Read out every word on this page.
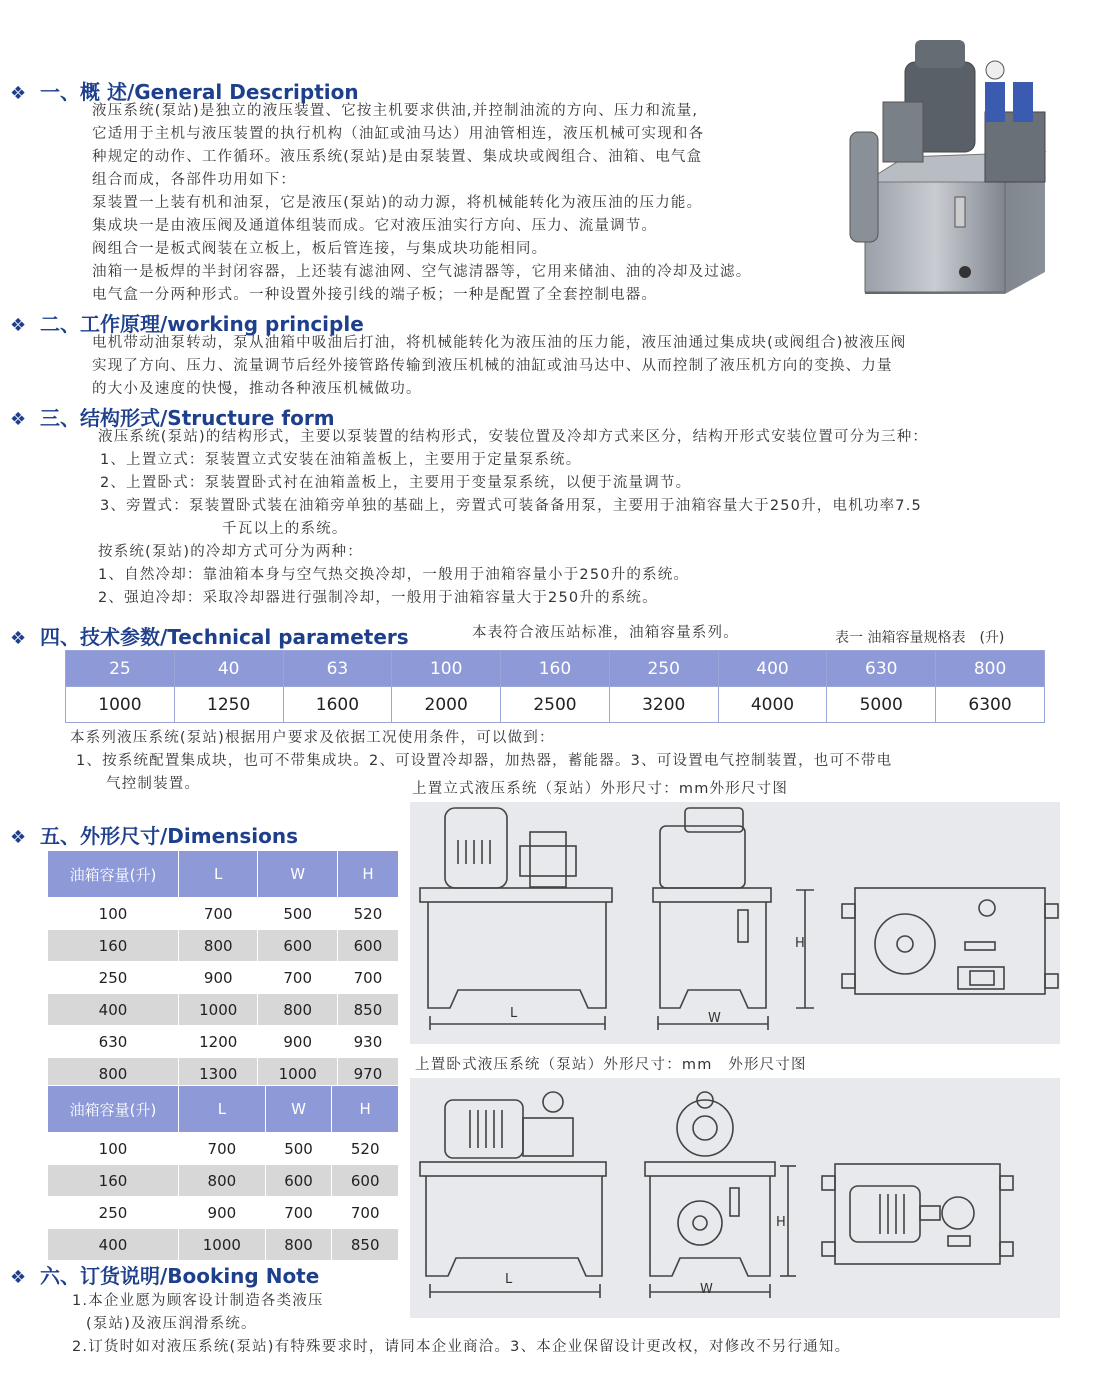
❖ 一、概 述/General Description
液压系统(泵站)是独立的液压装置、它按主机要求供油,并控制油流的方向、压力和流量,
它适用于主机与液压装置的执行机构（油缸或油马达）用油管相连，液压机械可实现和各
种规定的动作、工作循环。液压系统(泵站)是由泵装置、集成块或阀组合、油箱、电气盒
组合而成，各部件功用如下：
泵装置一上装有机和油泵，它是液压(泵站)的动力源，将机械能转化为液压油的压力能。
集成块一是由液压阀及通道体组装而成。它对液压油实行方向、压力、流量调节。
阀组合一是板式阀装在立板上，板后管连接，与集成块功能相同。
油箱一是板焊的半封闭容器，上还装有滤油网、空气滤清器等，它用来储油、油的冷却及过滤。
电气盒一分两种形式。一种设置外接引线的端子板；一种是配置了全套控制电器。
❖ 二、工作原理/working principle
电机带动油泵转动，泵从油箱中吸油后打油，将机械能转化为液压油的压力能，液压油通过集成块(或阀组合)被液压阀
实现了方向、压力、流量调节后经外接管路传输到液压机械的油缸或油马达中、从而控制了液压机方向的变换、力量
的大小及速度的快慢，推动各种液压机械做功。
❖ 三、结构形式/Structure form
液压系统(泵站)的结构形式，主要以泵装置的结构形式，安装位置及冷却方式来区分，结构开形式安装位置可分为三种：
1、上置立式：泵装置立式安装在油箱盖板上，主要用于定量泵系统。
2、上置卧式：泵装置卧式衬在油箱盖板上，主要用于变量泵系统，以便于流量调节。
3、旁置式：泵装置卧式装在油箱旁单独的基础上，旁置式可装备备用泵，主要用于油箱容量大于250升，电机功率7.5
千瓦以上的系统。
按系统(泵站)的冷却方式可分为两种：
1、自然冷却：靠油箱本身与空气热交换冷却，一般用于油箱容量小于250升的系统。
2、强迫冷却：采取冷却器进行强制冷却，一般用于油箱容量大于250升的系统。
❖ 四、技术参数/Technical parameters	本表符合液压站标准，油箱容量系列。	表一 油箱容量规格表　(升)
25	40	63	100	160	250	400	630	800
1000	1250	1600	2000	2500	3200	4000	5000	6300
本系列液压系统(泵站)根据用户要求及依据工况使用条件，可以做到：
1、按系统配置集成块，也可不带集成块。2、可设置冷却器，加热器，蓄能器。3、可设置电气控制装置，也可不带电
气控制装置。	上置立式液压系统（泵站）外形尺寸：mm外形尺寸图
❖ 五、外形尺寸/Dimensions
油箱容量(升)	L	W	H
100	700	500	520
160	800	600	600
250	900	700	700
400	1000	800	850
630	1200	900	930
800	1300	1000	970
油箱容量(升)	L	W	H
100	700	500	520
160	800	600	600
250	900	700	700
400	1000	800	850
L	W
H
上置卧式液压系统（泵站）外形尺寸：mm　外形尺寸图
L
W
H
❖ 六、订货说明/Booking Note
1.本企业愿为顾客设计制造各类液压
(泵站)及液压润滑系统。
2.订货时如对液压系统(泵站)有特殊要求时，请同本企业商洽。3、本企业保留设计更改权，对修改不另行通知。
